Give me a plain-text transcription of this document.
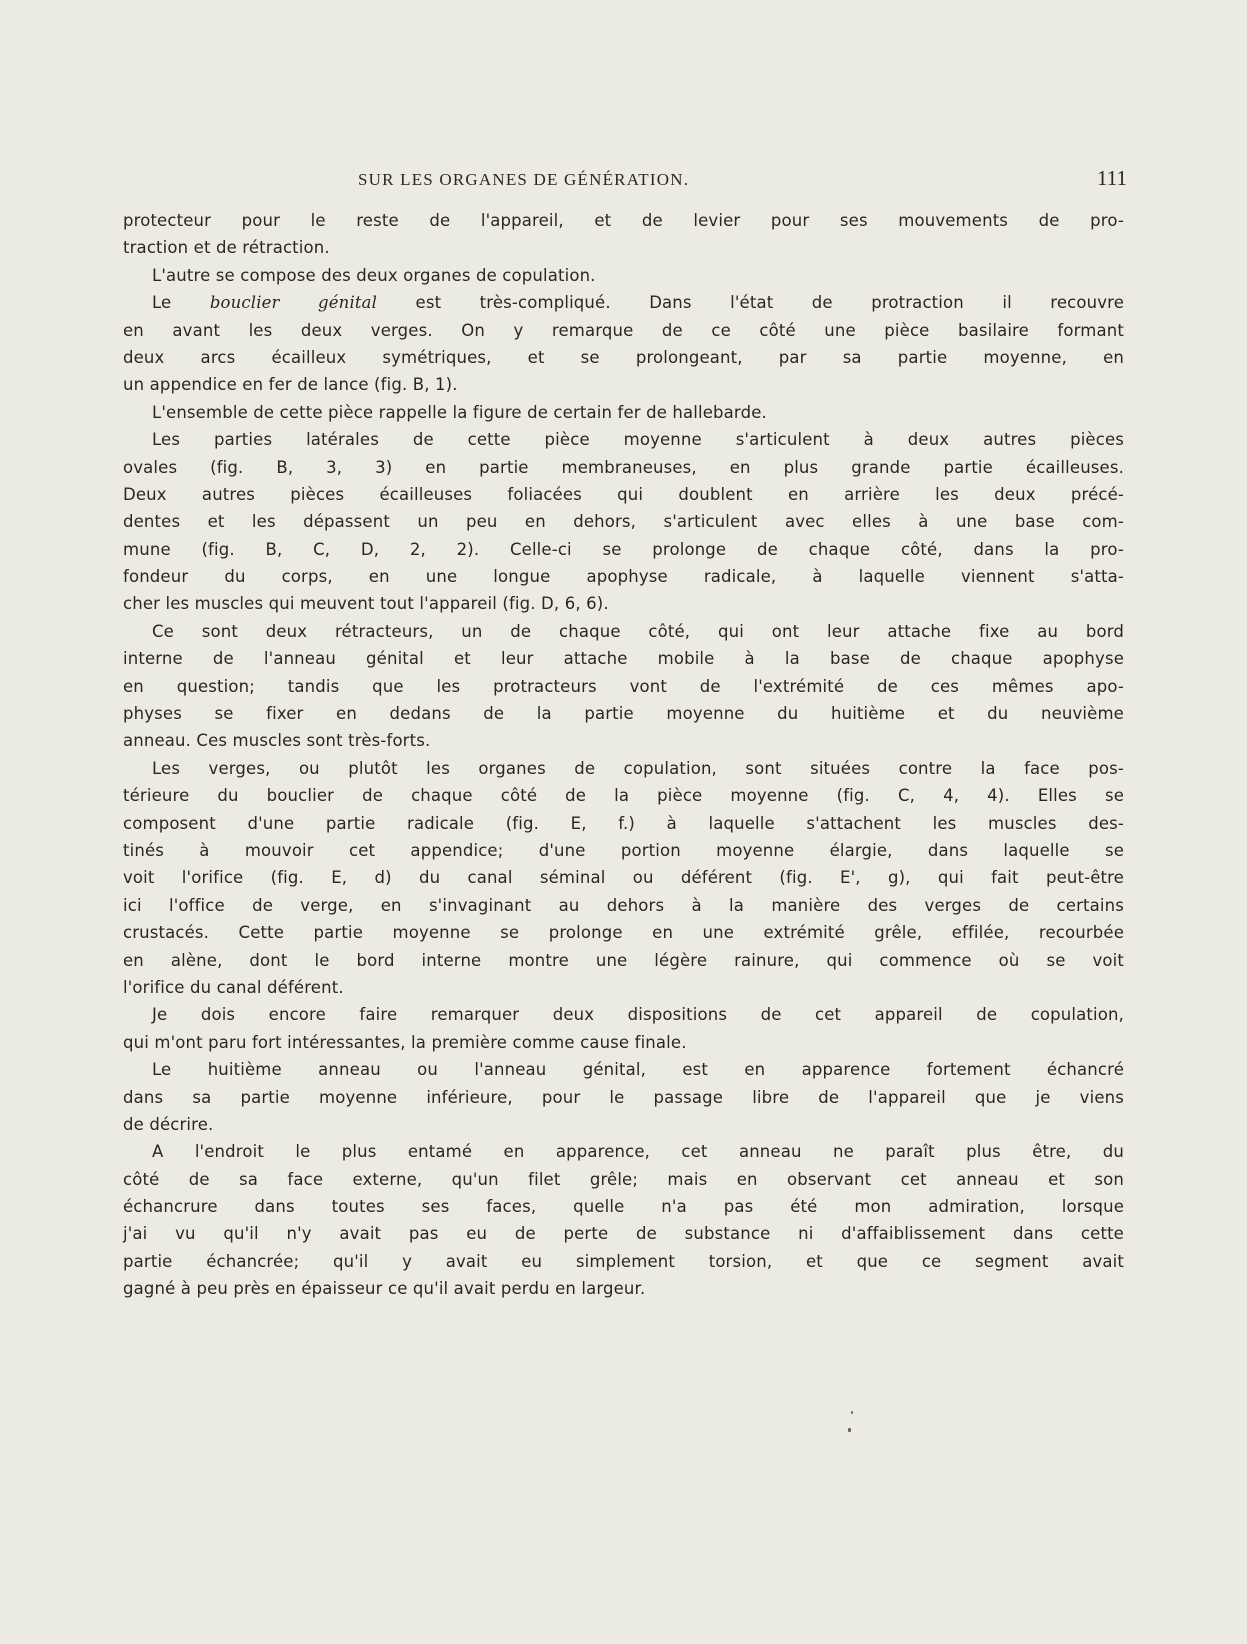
SUR LES ORGANES DE GÉNÉRATION.	111
protecteur pour le reste de l'appareil, et de levier pour ses mouvements de pro-
traction et de rétraction.
L'autre se compose des deux organes de copulation.
Le bouclier génital est très-compliqué. Dans l'état de protraction il recouvre
en avant les deux verges. On y remarque de ce côté une pièce basilaire formant
deux arcs écailleux symétriques, et se prolongeant, par sa partie moyenne, en
un appendice en fer de lance (fig. B, 1).
L'ensemble de cette pièce rappelle la figure de certain fer de hallebarde.
Les parties latérales de cette pièce moyenne s'articulent à deux autres pièces
ovales (fig. B, 3, 3) en partie membraneuses, en plus grande partie écailleuses.
Deux autres pièces écailleuses foliacées qui doublent en arrière les deux précé-
dentes et les dépassent un peu en dehors, s'articulent avec elles à une base com-
mune (fig. B, C, D, 2, 2). Celle-ci se prolonge de chaque côté, dans la pro-
fondeur du corps, en une longue apophyse radicale, à laquelle viennent s'atta-
cher les muscles qui meuvent tout l'appareil (fig. D, 6, 6).
Ce sont deux rétracteurs, un de chaque côté, qui ont leur attache fixe au bord
interne de l'anneau génital et leur attache mobile à la base de chaque apophyse
en question; tandis que les protracteurs vont de l'extrémité de ces mêmes apo-
physes se fixer en dedans de la partie moyenne du huitième et du neuvième
anneau. Ces muscles sont très-forts.
Les verges, ou plutôt les organes de copulation, sont situées contre la face pos-
térieure du bouclier de chaque côté de la pièce moyenne (fig. C, 4, 4). Elles se
composent d'une partie radicale (fig. E, f.) à laquelle s'attachent les muscles des-
tinés à mouvoir cet appendice; d'une portion moyenne élargie, dans laquelle se
voit l'orifice (fig. E, d) du canal séminal ou déférent (fig. E', g), qui fait peut-être
ici l'office de verge, en s'invaginant au dehors à la manière des verges de certains
crustacés. Cette partie moyenne se prolonge en une extrémité grêle, effilée, recourbée
en alène, dont le bord interne montre une légère rainure, qui commence où se voit
l'orifice du canal déférent.
Je dois encore faire remarquer deux dispositions de cet appareil de copulation,
qui m'ont paru fort intéressantes, la première comme cause finale.
Le huitième anneau ou l'anneau génital, est en apparence fortement échancré
dans sa partie moyenne inférieure, pour le passage libre de l'appareil que je viens
de décrire.
A l'endroit le plus entamé en apparence, cet anneau ne paraît plus être, du
côté de sa face externe, qu'un filet grêle; mais en observant cet anneau et son
échancrure dans toutes ses faces, quelle n'a pas été mon admiration, lorsque
j'ai vu qu'il n'y avait pas eu de perte de substance ni d'affaiblissement dans cette
partie échancrée; qu'il y avait eu simplement torsion, et que ce segment avait
gagné à peu près en épaisseur ce qu'il avait perdu en largeur.
